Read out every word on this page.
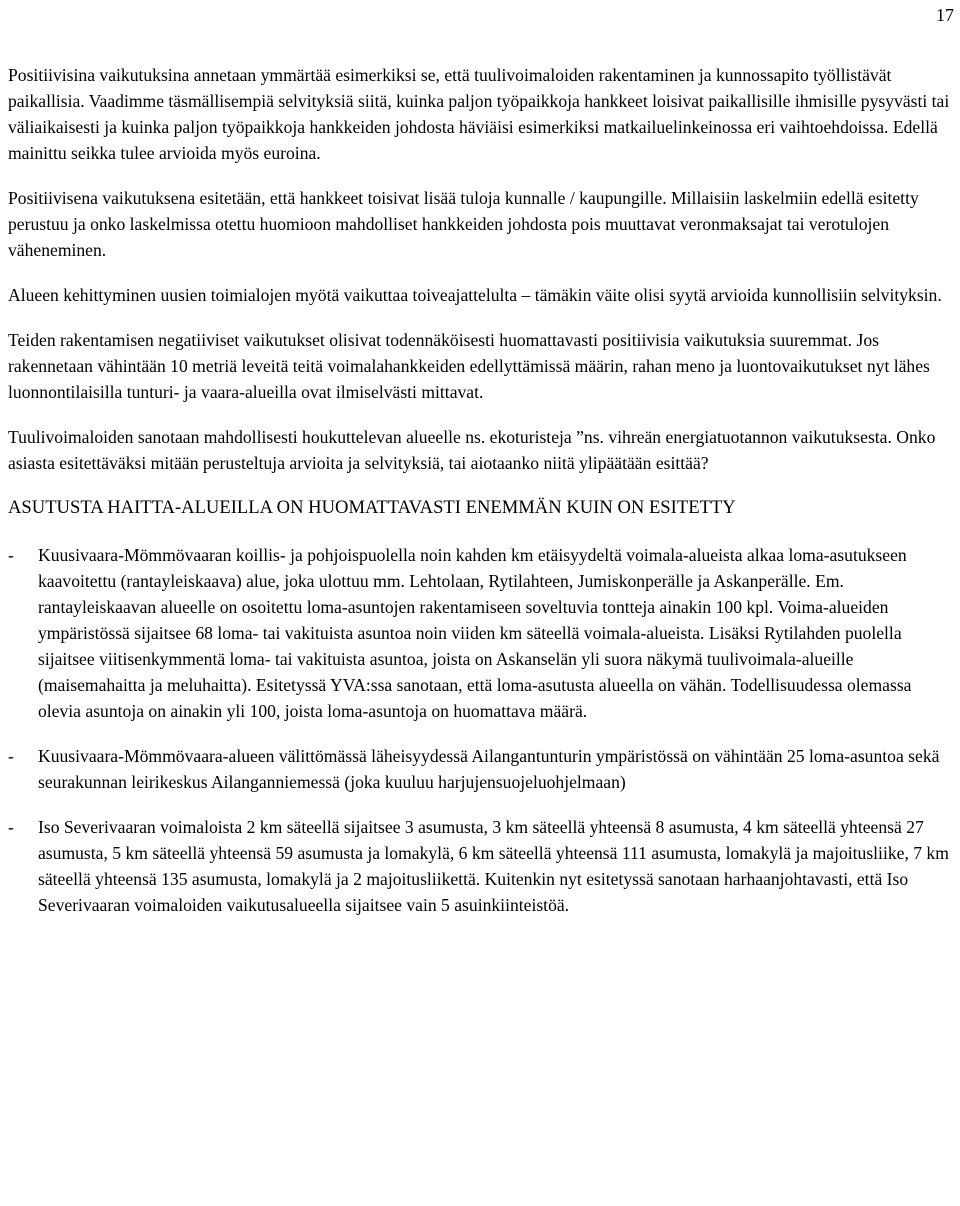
17

Positiivisina vaikutuksina annetaan ymmärtää esimerkiksi se, että tuulivoimaloiden rakentaminen ja kunnossapito työllistävät paikallisia. Vaadimme täsmällisempiä selvityksiä siitä, kuinka paljon työpaikkoja hankkeet loisivat paikallisille ihmisille pysyvästi tai väliaikaisesti ja kuinka paljon työpaikkoja hankkeiden johdosta häviäisi esimerkiksi matkailuelinkeinossa eri vaihtoehdoissa. Edellä mainittu seikka tulee arvioida myös euroina.

Positiivisena vaikutuksena esitetään, että hankkeet toisivat lisää tuloja kunnalle / kaupungille. Millaisiin laskelmiin edellä esitetty perustuu ja onko laskelmissa otettu huomioon mahdolliset hankkeiden johdosta pois muuttavat veronmaksajat tai verotulojen väheneminen.

Alueen kehittyminen uusien toimialojen myötä vaikuttaa toiveajattelulta – tämäkin väite olisi syytä arvioida kunnollisiin selvityksin.

Teiden rakentamisen negatiiviset vaikutukset olisivat todennäköisesti huomattavasti positiivisia vaikutuksia suuremmat. Jos rakennetaan vähintään 10 metriä leveitä teitä voimalahankkeiden edellyttämissä määrin, rahan meno ja luontovaikutukset nyt lähes luonnontilaisilla tunturi- ja vaara-alueilla ovat ilmiselvästi mittavat.

Tuulivoimaloiden sanotaan mahdollisesti houkuttelevan alueelle ns. ekoturisteja ”ns. vihreän energiatuotannon vaikutuksesta. Onko asiasta esitettäväksi mitään perusteltuja arvioita ja selvityksiä, tai aiotaanko niitä ylipäätään esittää?

ASUTUSTA HAITTA-ALUEILLA ON HUOMATTAVASTI ENEMMÄN KUIN ON ESITETTY
- Kuusivaara-Mömmövaaran koillis- ja pohjoispuolella noin kahden km etäisyydeltä voimala-alueista alkaa loma-asutukseen kaavoitettu (rantayleiskaava) alue, joka ulottuu mm. Lehtolaan, Rytilahteen, Jumiskonperälle ja Askanperälle. Em. rantayleiskaavan alueelle on osoitettu loma-asuntojen rakentamiseen soveltuvia tontteja ainakin 100 kpl. Voima-alueiden ympäristössä sijaitsee 68 loma- tai vakituista asuntoa noin viiden km säteellä voimala-alueista. Lisäksi Rytilahden puolella sijaitsee viitisenkymmentä loma- tai vakituista asuntoa, joista on Askanselän yli suora näkymä tuulivoimala-alueille (maisemahaitta ja meluhaitta). Esitetyssä YVA:ssa sanotaan, että loma-asutusta alueella on vähän. Todellisuudessa olemassa olevia asuntoja on ainakin yli 100, joista loma-asuntoja on huomattava määrä.
- Kuusivaara-Mömmövaara-alueen välittömässä läheisyydessä Ailangantunturin ympäristössä on vähintään 25 loma-asuntoa sekä seurakunnan leirikeskus Ailanganniemessä (joka kuuluu harjujensuojeluohjelmaan)
- Iso Severivaaran voimaloista 2 km säteellä sijaitsee 3 asumusta, 3 km säteellä yhteensä 8 asumusta, 4 km säteellä yhteensä 27 asumusta, 5 km säteellä yhteensä 59 asumusta ja lomakylä, 6 km säteellä yhteensä 111 asumusta, lomakylä ja majoitusliike, 7 km säteellä yhteensä 135 asumusta, lomakylä ja 2 majoitusliikettä. Kuitenkin nyt esitetyssä sanotaan harhaanjohtavasti, että Iso Severivaaran voimaloiden vaikutusalueella sijaitsee vain 5 asuinkiinteistöä.
